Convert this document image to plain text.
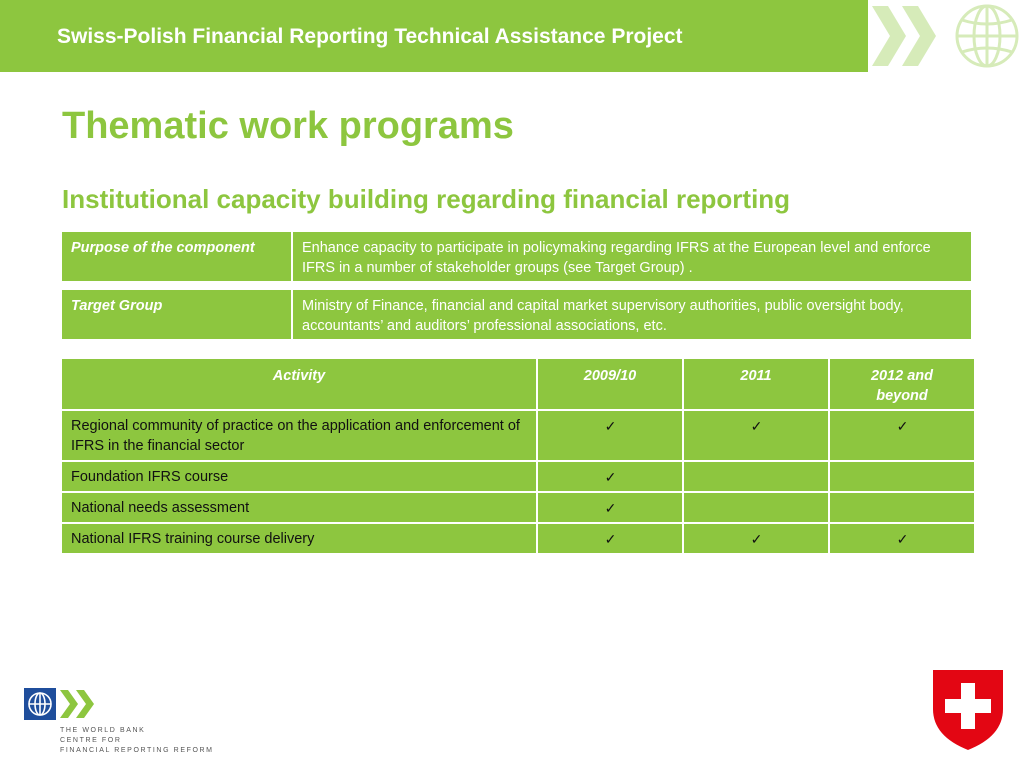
Swiss-Polish Financial Reporting Technical Assistance Project
Thematic work programs
Institutional capacity building regarding financial reporting
Purpose of the component	Enhance capacity to participate in policymaking regarding IFRS at the European level and enforce IFRS in a number of stakeholder groups (see Target Group) .
Target Group	Ministry of Finance, financial and capital market supervisory authorities, public oversight body, accountants’ and auditors’ professional associations, etc.
Activity	2009/10	2011	2012 and beyond
Regional community of practice on the application and enforcement of IFRS in the financial sector	✓	✓	✓
Foundation IFRS course	✓		
National needs assessment	✓		
National IFRS training course delivery	✓	✓	✓
THE WORLD BANK
CENTRE FOR
FINANCIAL REPORTING REFORM
